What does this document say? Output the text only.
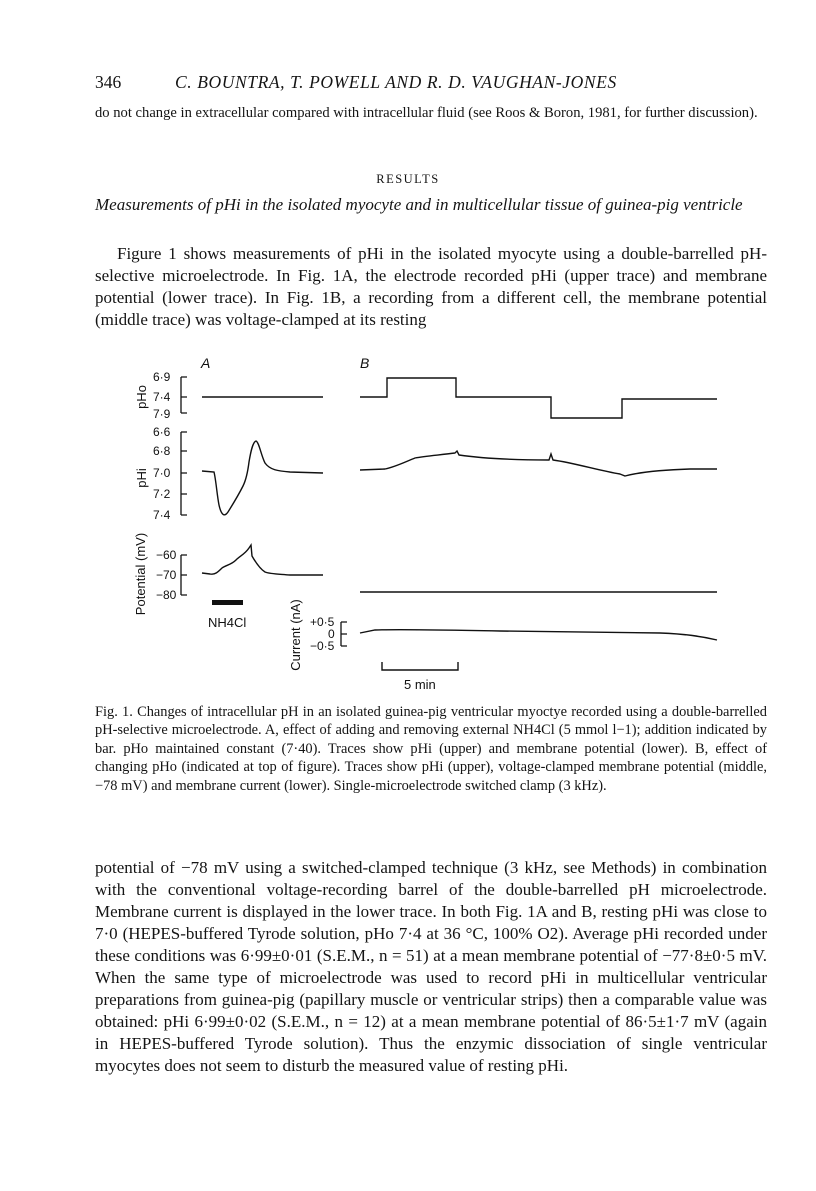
346	C. BOUNTRA, T. POWELL AND R. D. VAUGHAN-JONES
do not change in extracellular compared with intracellular fluid (see Roos & Boron, 1981, for further discussion).
RESULTS
Measurements of pHi in the isolated myocyte and in multicellular tissue of guinea-pig ventricle
Figure 1 shows measurements of pHi in the isolated myocyte using a double-barrelled pH-selective microelectrode. In Fig. 1A, the electrode recorded pHi (upper trace) and membrane potential (lower trace). In Fig. 1B, a recording from a different cell, the membrane potential (middle trace) was voltage-clamped at its resting
A	B
pHo
6·9
7·4
7·9
pHi
6·6
6·8
7·0
7·2
7·4
Potential (mV) −60
−70
−80
Current (nA) +0·5
0
−0·5
NH4Cl
5 min
Fig. 1. Changes of intracellular pH in an isolated guinea-pig ventricular myoctye recorded using a double-barrelled pH-selective microelectrode. A, effect of adding and removing external NH4Cl (5 mmol l−1); addition indicated by bar. pHo maintained constant (7·40). Traces show pHi (upper) and membrane potential (lower). B, effect of changing pHo (indicated at top of figure). Traces show pHi (upper), voltage-clamped membrane potential (middle, −78 mV) and membrane current (lower). Single-microelectrode switched clamp (3 kHz).
potential of −78 mV using a switched-clamped technique (3 kHz, see Methods) in combination with the conventional voltage-recording barrel of the double-barrelled pH microelectrode. Membrane current is displayed in the lower trace. In both Fig. 1A and B, resting pHi was close to 7·0 (HEPES-buffered Tyrode solution, pHo 7·4 at 36 °C, 100% O2). Average pHi recorded under these conditions was 6·99±0·01 (S.E.M., n = 51) at a mean membrane potential of −77·8±0·5 mV. When the same type of microelectrode was used to record pHi in multicellular ventricular preparations from guinea-pig (papillary muscle or ventricular strips) then a comparable value was obtained: pHi 6·99±0·02 (S.E.M., n = 12) at a mean membrane potential of 86·5±1·7 mV (again in HEPES-buffered Tyrode solution). Thus the enzymic dissociation of single ventricular myocytes does not seem to disturb the measured value of resting pHi.
